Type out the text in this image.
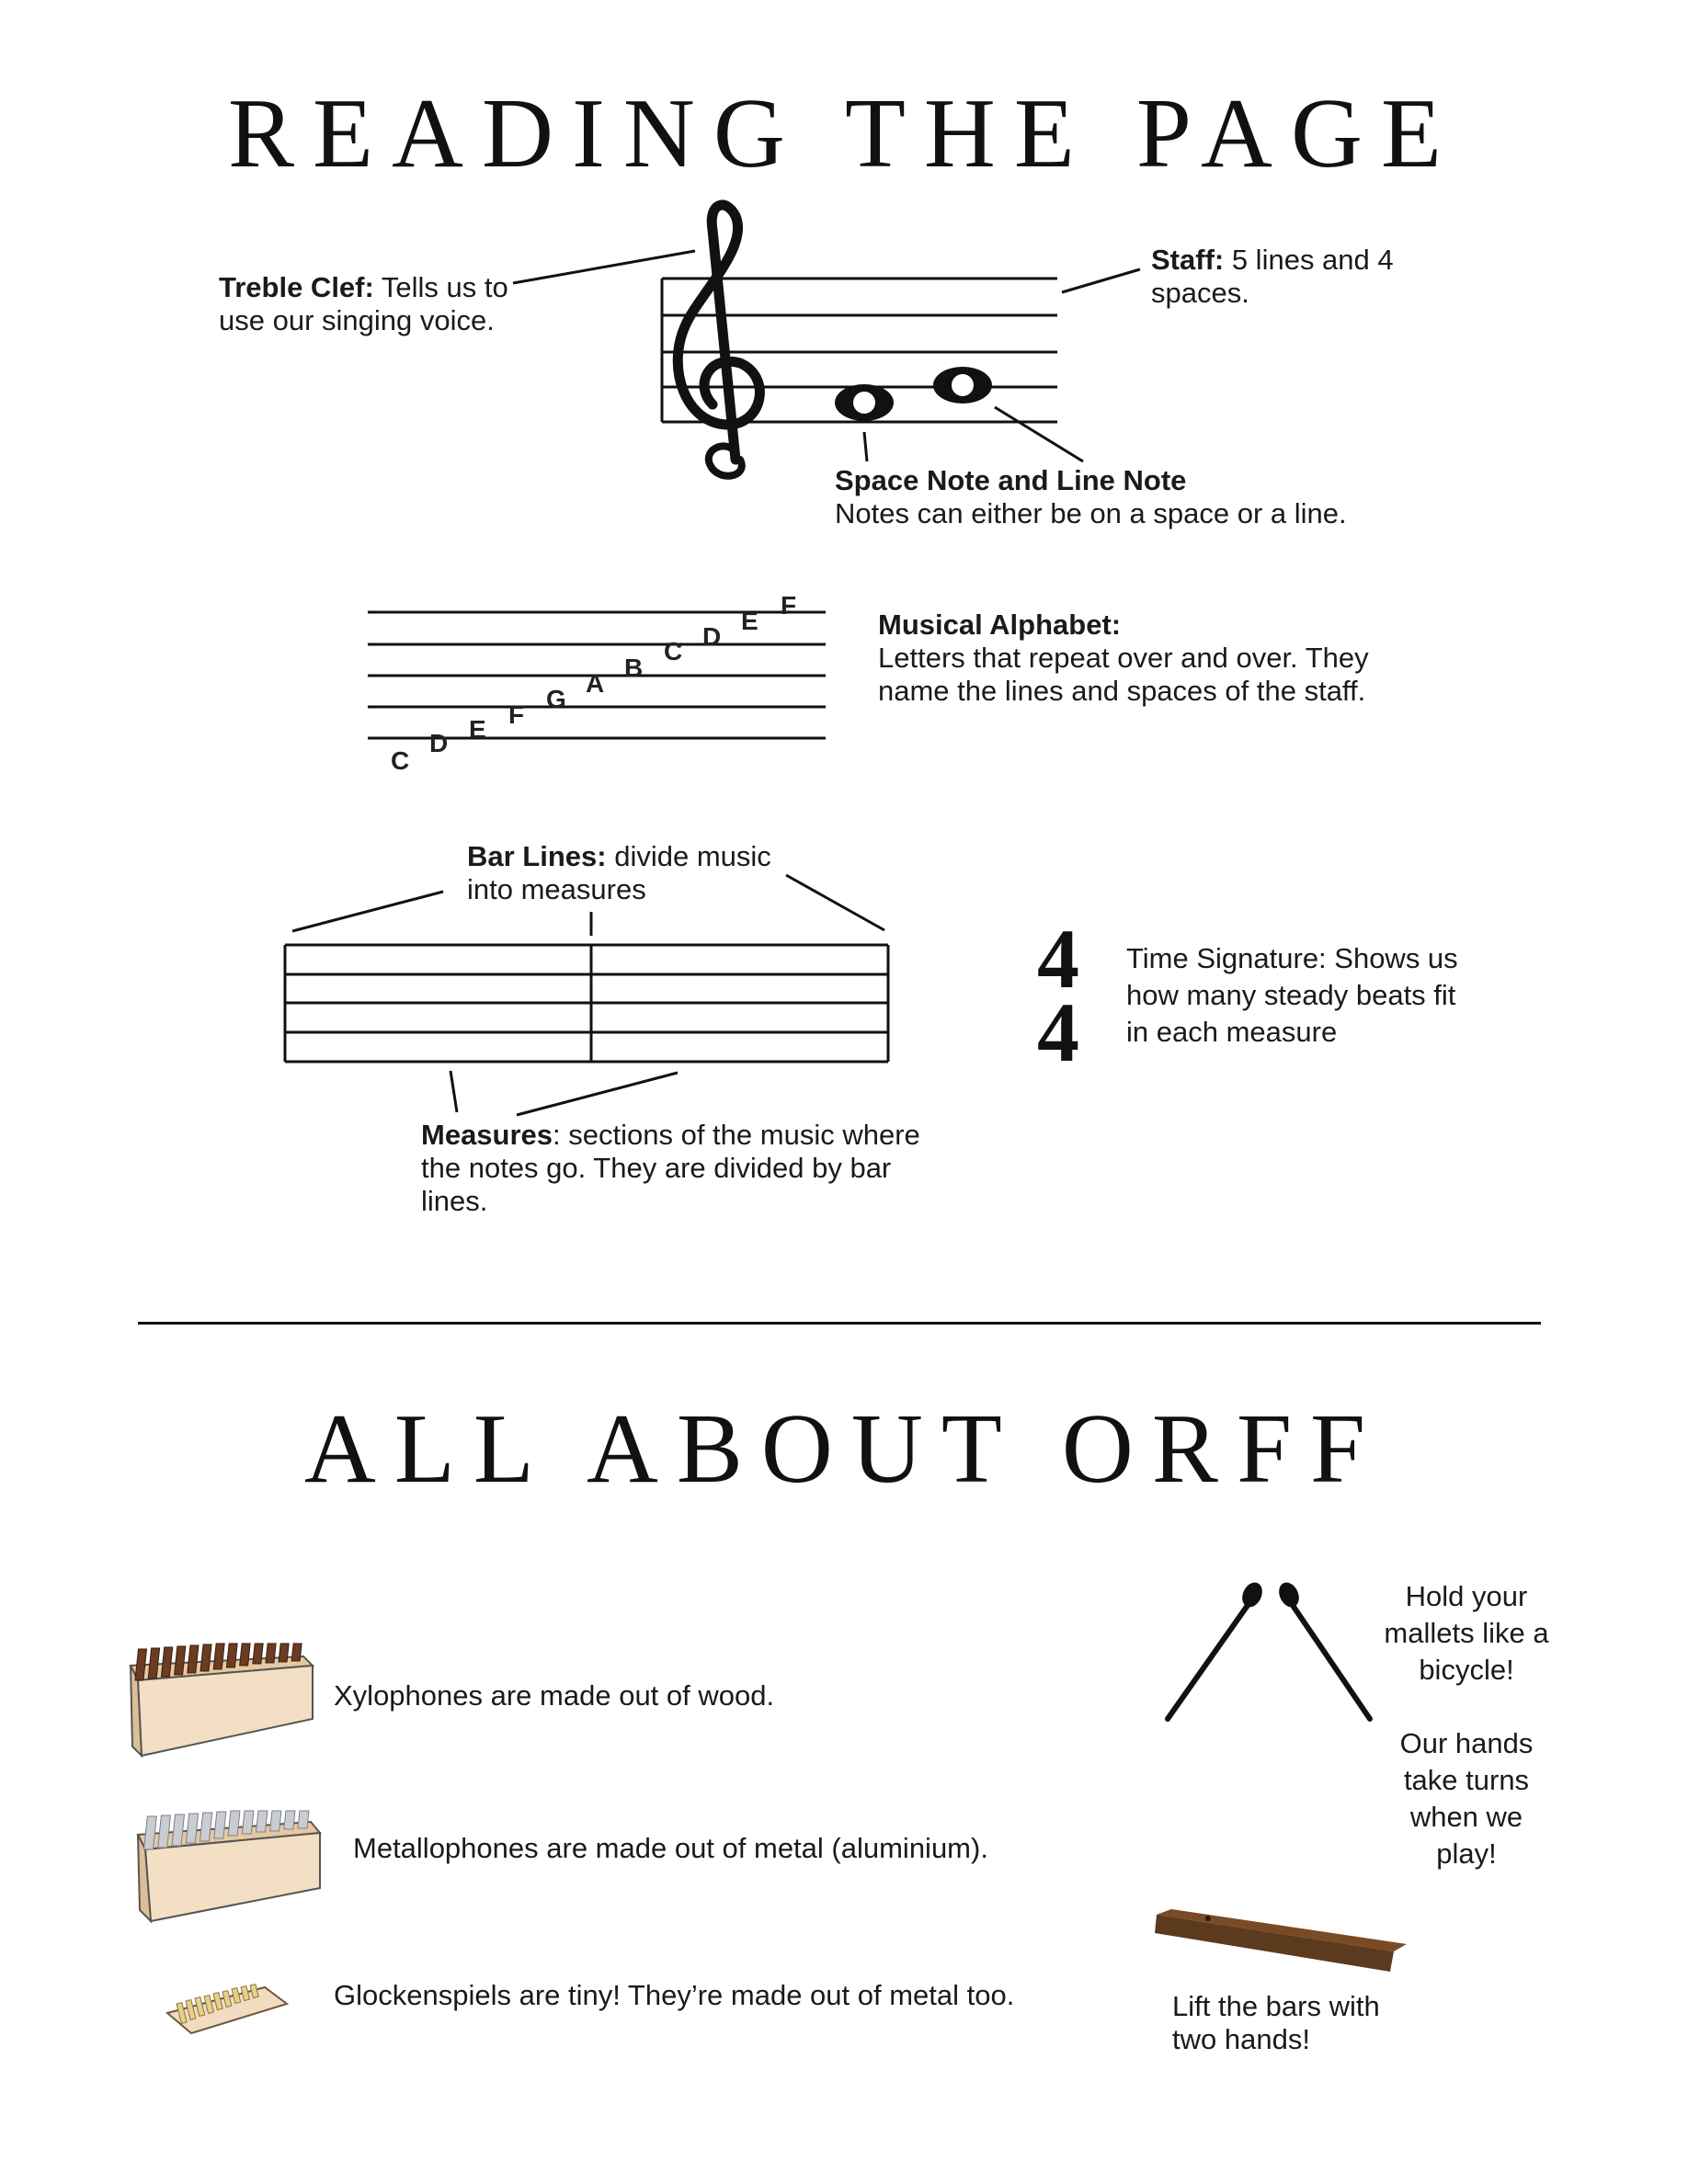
READING THE PAGE
Treble Clef: Tells us to use our singing voice.
Staff: 5 lines and 4 spaces.
Space Note and Line Note
Notes can either be on a space or a line.
C
D E
F
G
A
B
C
D
E
F
Musical Alphabet:
Letters that repeat over and over. They name the lines and spaces of the staff.
Bar Lines: divide music into measures
Measures: sections of the music where the notes go. They are divided by bar lines.
4
4
Time Signature: Shows us how many steady beats fit in each measure
ALL ABOUT ORFF
Xylophones are made out of wood.
Metallophones are made out of metal (aluminium).
Glockenspiels are tiny! They’re made out of metal too.
Hold your mallets like a bicycle!
Our hands take turns when we play!
Lift the bars with two hands!
